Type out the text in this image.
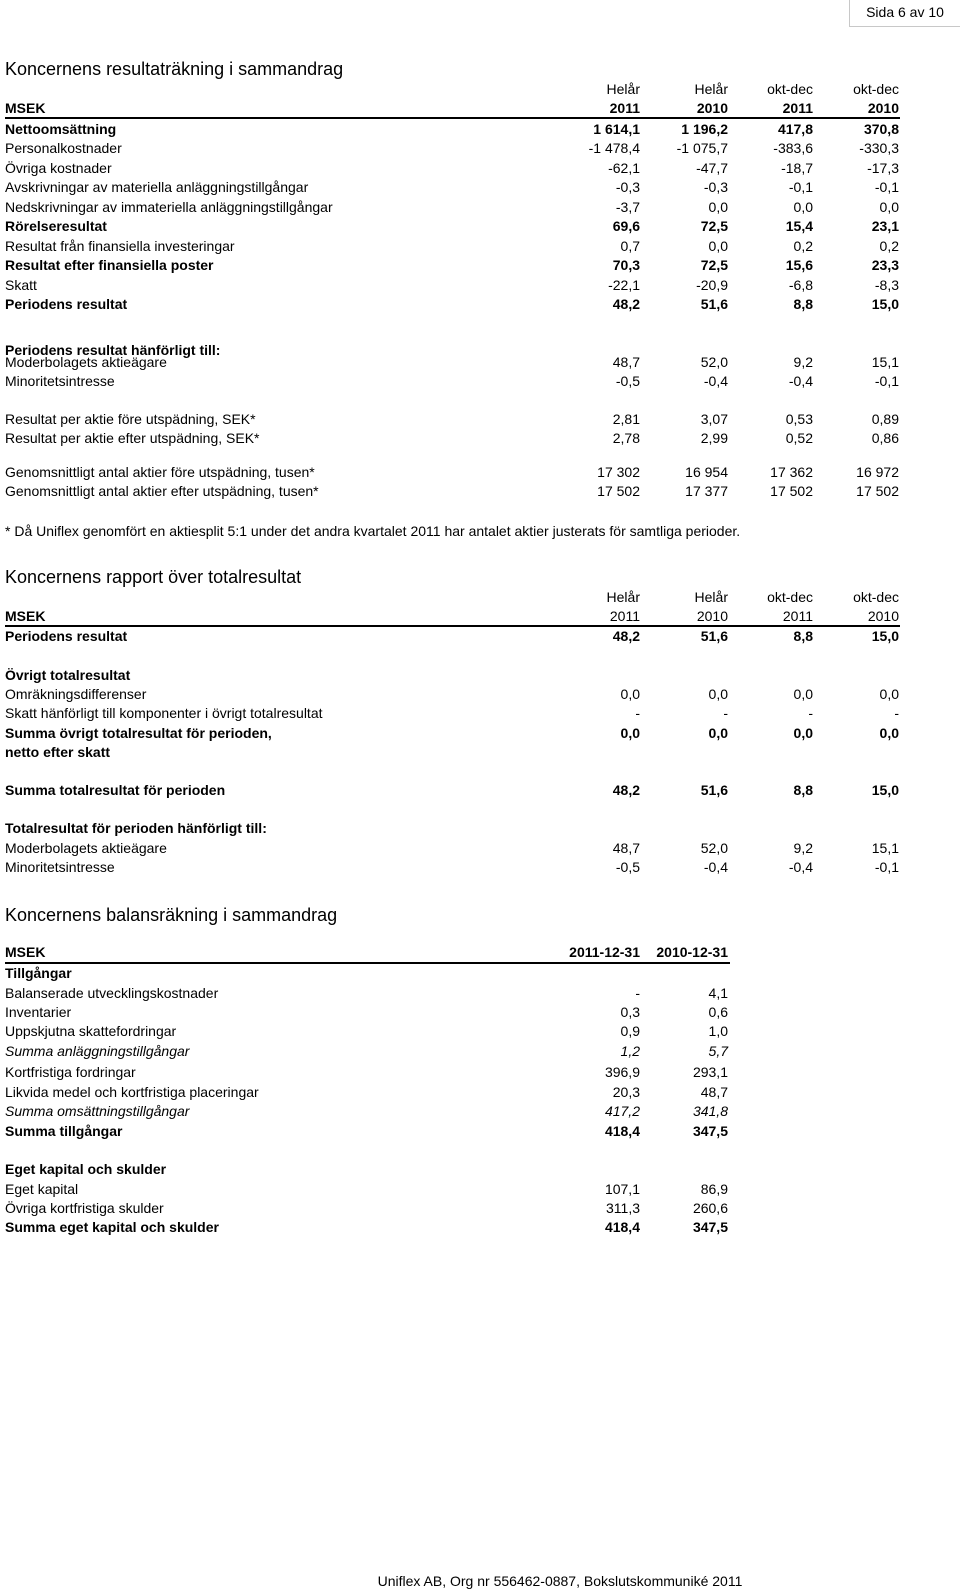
Sida 6 av 10
Koncernens resultaträkning i sammandrag
Helår	Helår	okt-dec	okt-dec
MSEK	2011	2010	2011	2010
Nettoomsättning	1 614,1	1 196,2	417,8	370,8
Personalkostnader	-1 478,4	-1 075,7	-383,6	-330,3
Övriga kostnader	-62,1	-47,7	-18,7	-17,3
Avskrivningar av materiella anläggningstillgångar	-0,3	-0,3	-0,1	-0,1
Nedskrivningar av immateriella anläggningstillgångar	-3,7	0,0	0,0	0,0
Rörelseresultat	69,6	72,5	15,4	23,1
Resultat från finansiella investeringar	0,7	0,0	0,2	0,2
Resultat efter finansiella poster	70,3	72,5	15,6	23,3
Skatt	-22,1	-20,9	-6,8	-8,3
Periodens resultat	48,2	51,6	8,8	15,0
Periodens resultat hänförligt till:
Moderbolagets aktieägare	48,7	52,0	9,2	15,1
Minoritetsintresse	-0,5	-0,4	-0,4	-0,1
Resultat per aktie före utspädning, SEK*	2,81	3,07	0,53	0,89
Resultat per aktie efter utspädning, SEK*	2,78	2,99	0,52	0,86
Genomsnittligt antal aktier före utspädning, tusen*	17 302	16 954	17 362	16 972
Genomsnittligt antal aktier efter utspädning, tusen*	17 502	17 377	17 502	17 502
* Då Uniflex genomfört en aktiesplit 5:1 under det andra kvartalet 2011 har antalet aktier justerats för samtliga perioder.
Koncernens rapport över totalresultat
Helår	Helår	okt-dec	okt-dec
MSEK	2011	2010	2011	2010
Periodens resultat	48,2	51,6	8,8	15,0
Övrigt totalresultat
Omräkningsdifferenser	0,0	0,0	0,0	0,0
Skatt hänförligt till komponenter i övrigt totalresultat	-	-	-	-
Summa övrigt totalresultat för perioden,
netto efter skatt
0,0	0,0	0,0	0,0
Summa totalresultat för perioden	48,2	51,6	8,8	15,0
Totalresultat för perioden hänförligt till:
Moderbolagets aktieägare	48,7	52,0	9,2	15,1
Minoritetsintresse	-0,5	-0,4	-0,4	-0,1
Koncernens balansräkning i sammandrag
MSEK	2011-12-31	2010-12-31
Tillgångar
Balanserade utvecklingskostnader	-	4,1
Inventarier	0,3	0,6
Uppskjutna skattefordringar	0,9	1,0
Summa anläggningstillgångar	1,2	5,7
Kortfristiga fordringar	396,9	293,1
Likvida medel och kortfristiga placeringar	20,3	48,7
Summa omsättningstillgångar	417,2	341,8
Summa tillgångar	418,4	347,5
Eget kapital och skulder
Eget kapital	107,1	86,9
Övriga kortfristiga skulder	311,3	260,6
Summa eget kapital och skulder	418,4	347,5
Uniflex AB, Org nr 556462-0887, Bokslutskommuniké 2011
